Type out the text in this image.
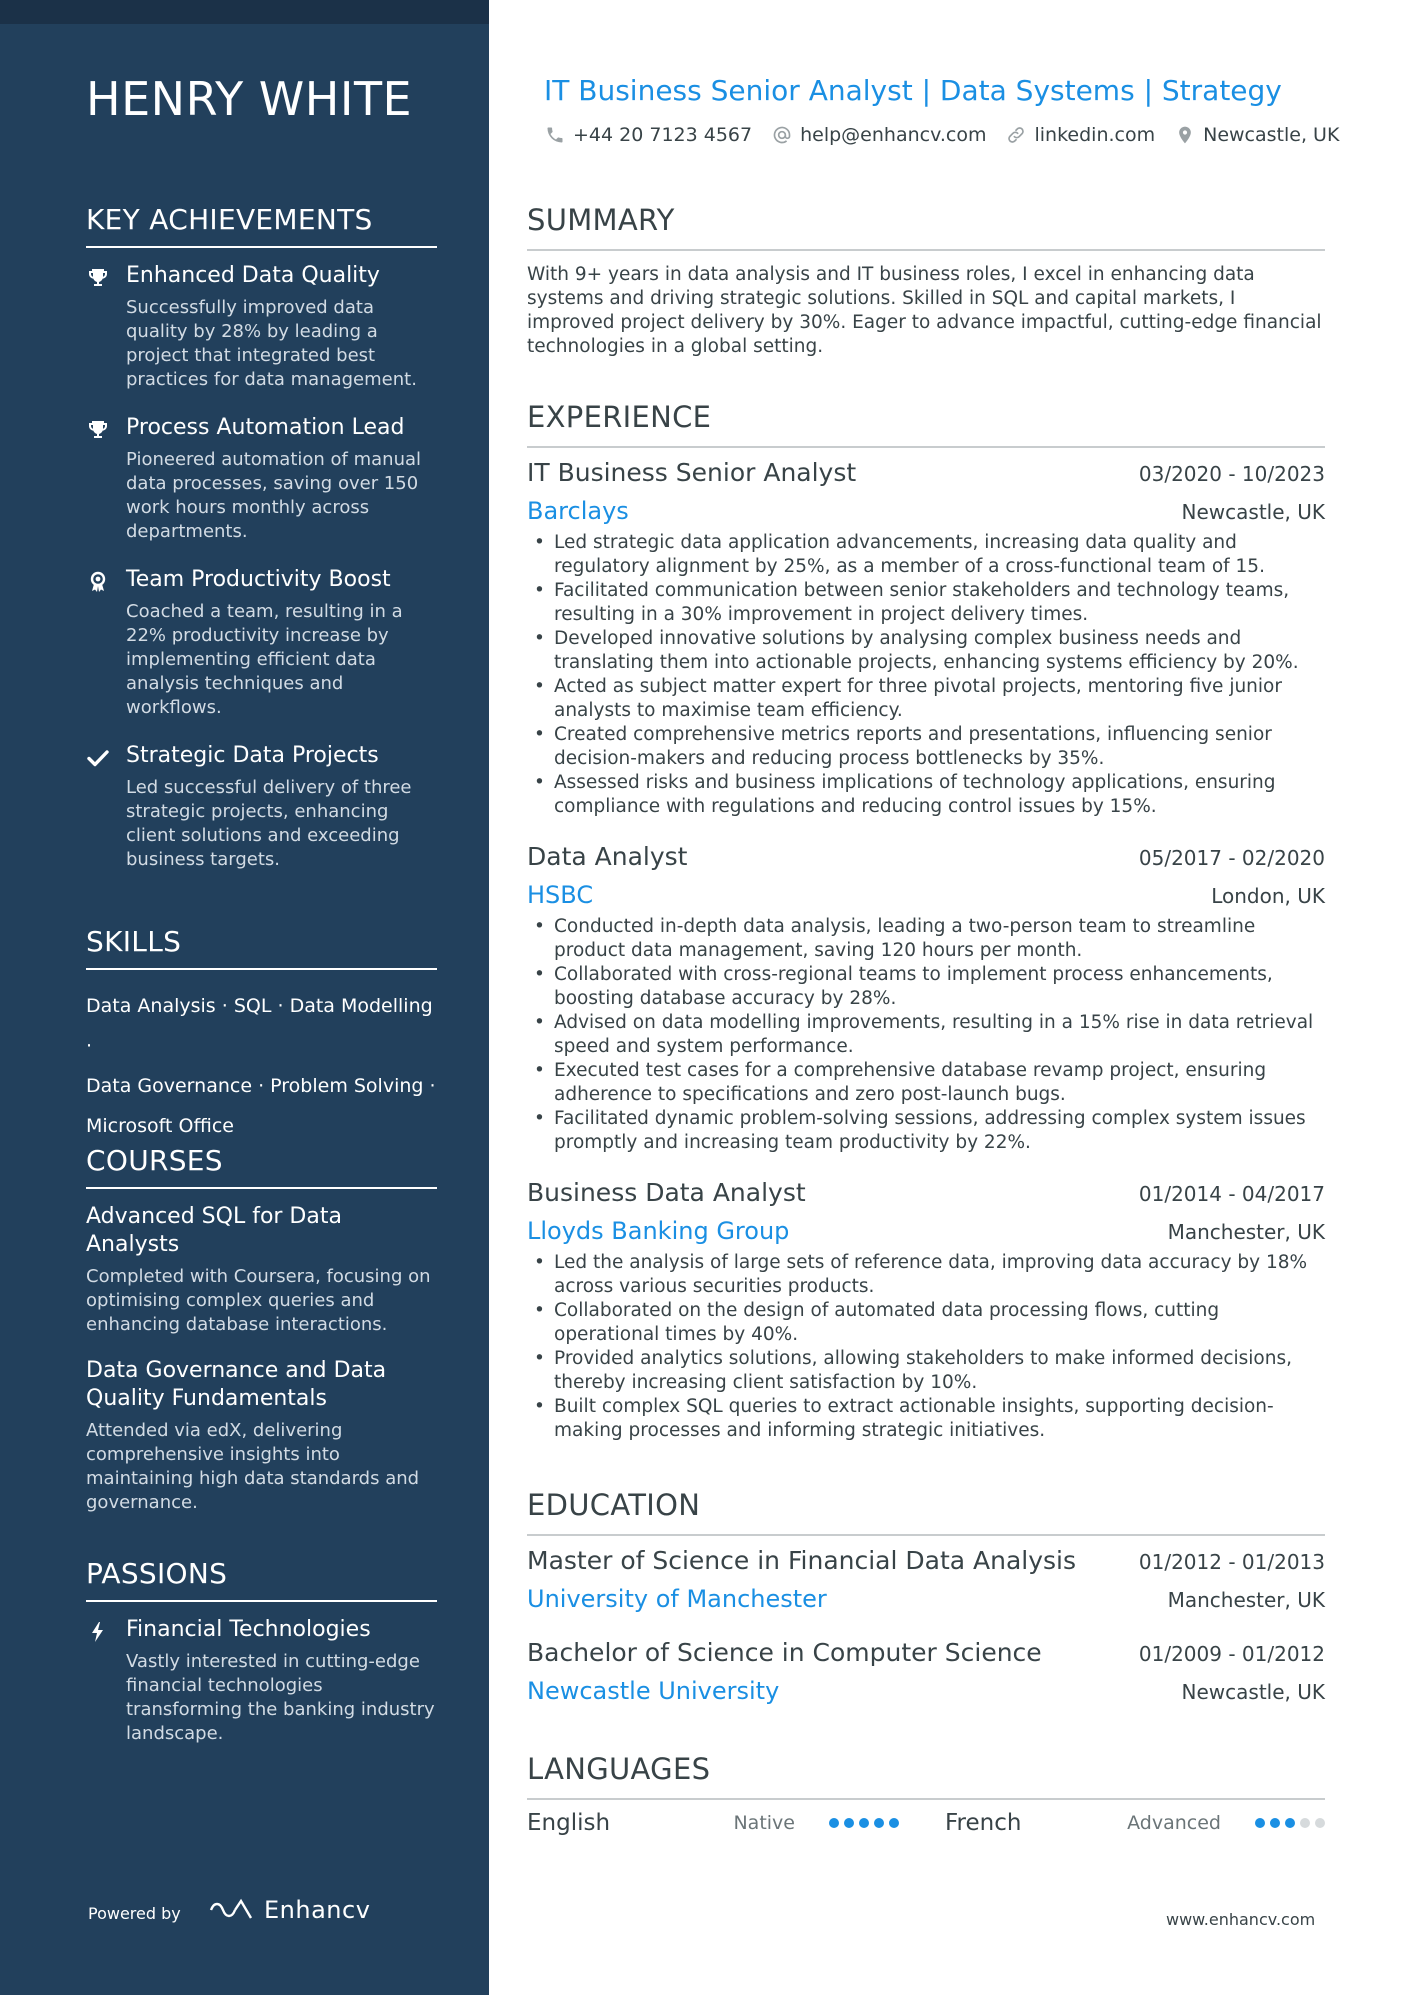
HENRY WHITE
KEY ACHIEVEMENTS
Enhanced Data Quality
Successfully improved data quality by 28% by leading a project that integrated best practices for data management.
Process Automation Lead
Pioneered automation of manual data processes, saving over 150 work hours monthly across departments.
Team Productivity Boost
Coached a team, resulting in a 22% productivity increase by implementing efficient data analysis techniques and workflows.
Strategic Data Projects
Led successful delivery of three strategic projects, enhancing client solutions and exceeding business targets.
SKILLS
Data Analysis · SQL · Data Modelling ·
Data Governance · Problem Solving ·
Microsoft Office
COURSES
Advanced SQL for Data Analysts
Completed with Coursera, focusing on optimising complex queries and enhancing database interactions.
Data Governance and Data Quality Fundamentals
Attended via edX, delivering comprehensive insights into maintaining high data standards and governance.
PASSIONS
Financial Technologies
Vastly interested in cutting-edge financial technologies transforming the banking industry landscape.
Powered by	Enhancv
IT Business Senior Analyst | Data Systems | Strategy
+44 20 7123 4567	help@enhancv.com	linkedin.com	Newcastle, UK
SUMMARY
With 9+ years in data analysis and IT business roles, I excel in enhancing data systems and driving strategic solutions. Skilled in SQL and capital markets, I improved project delivery by 30%. Eager to advance impactful, cutting-edge financial technologies in a global setting.
EXPERIENCE
IT Business Senior Analyst	03/2020 - 10/2023
Barclays	Newcastle, UK
• Led strategic data application advancements, increasing data quality and regulatory alignment by 25%, as a member of a cross-functional team of 15.
• Facilitated communication between senior stakeholders and technology teams, resulting in a 30% improvement in project delivery times.
• Developed innovative solutions by analysing complex business needs and translating them into actionable projects, enhancing systems efficiency by 20%.
• Acted as subject matter expert for three pivotal projects, mentoring five junior analysts to maximise team efficiency.
• Created comprehensive metrics reports and presentations, influencing senior decision-makers and reducing process bottlenecks by 35%.
• Assessed risks and business implications of technology applications, ensuring compliance with regulations and reducing control issues by 15%.
Data Analyst	05/2017 - 02/2020
HSBC	London, UK
• Conducted in-depth data analysis, leading a two-person team to streamline product data management, saving 120 hours per month.
• Collaborated with cross-regional teams to implement process enhancements, boosting database accuracy by 28%.
• Advised on data modelling improvements, resulting in a 15% rise in data retrieval speed and system performance.
• Executed test cases for a comprehensive database revamp project, ensuring adherence to specifications and zero post-launch bugs.
• Facilitated dynamic problem-solving sessions, addressing complex system issues promptly and increasing team productivity by 22%.
Business Data Analyst	01/2014 - 04/2017
Lloyds Banking Group	Manchester, UK
• Led the analysis of large sets of reference data, improving data accuracy by 18% across various securities products.
• Collaborated on the design of automated data processing flows, cutting operational times by 40%.
• Provided analytics solutions, allowing stakeholders to make informed decisions, thereby increasing client satisfaction by 10%.
• Built complex SQL queries to extract actionable insights, supporting decision-making processes and informing strategic initiatives.
EDUCATION
Master of Science in Financial Data Analysis	01/2012 - 01/2013
University of Manchester	Manchester, UK
Bachelor of Science in Computer Science	01/2009 - 01/2012
Newcastle University	Newcastle, UK
LANGUAGES
English	Native	French	Advanced
www.enhancv.com
